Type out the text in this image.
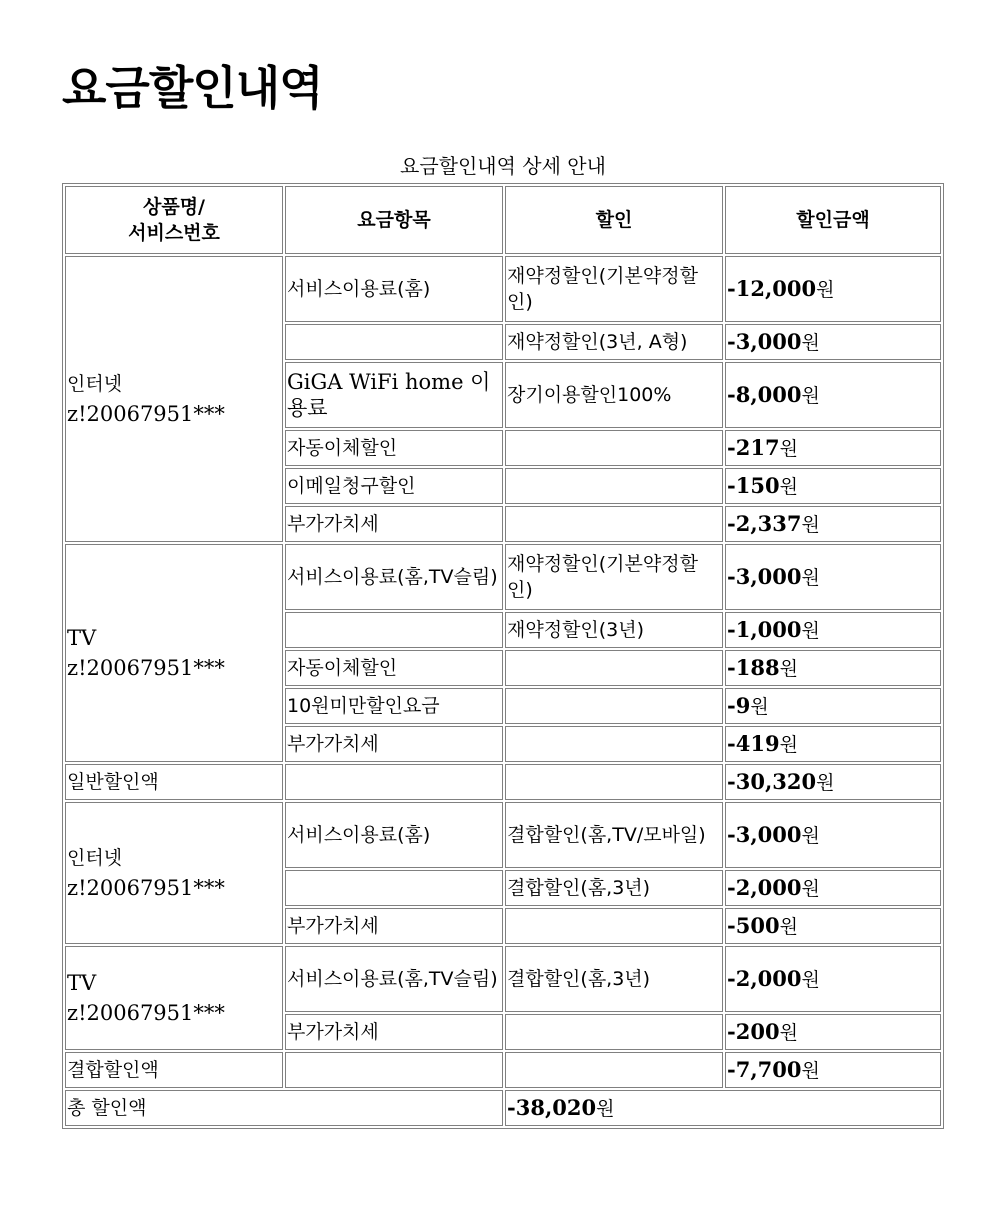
요금할인내역
요금할인내역 상세 안내
상품명/
서비스번호	요금항목	할인	할인금액

인터넷
z!20067951***	서비스이용료(홈)	재약정할인(기본약정할인)	-12,000원
		재약정할인(3년, A형)	-3,000원
	GiGA WiFi home 이용료	장기이용할인100%	-8,000원
	자동이체할인		-217원
	이메일청구할인		-150원
	부가가치세		-2,337원

TV
z!20067951***	서비스이용료(홈,TV슬림)	재약정할인(기본약정할인)	-3,000원
		재약정할인(3년)	-1,000원
	자동이체할인		-188원
	10원미만할인요금		-9원
	부가가치세		-419원
일반할인액			-30,320원

인터넷
z!20067951***	서비스이용료(홈)	결합할인(홈,TV/모바일)	-3,000원
		결합할인(홈,3년)	-2,000원
	부가가치세		-500원

TV
z!20067951***	서비스이용료(홈,TV슬림)	결합할인(홈,3년)	-2,000원
	부가가치세		-200원
결합할인액			-7,700원
총 할인액		-38,020원	
